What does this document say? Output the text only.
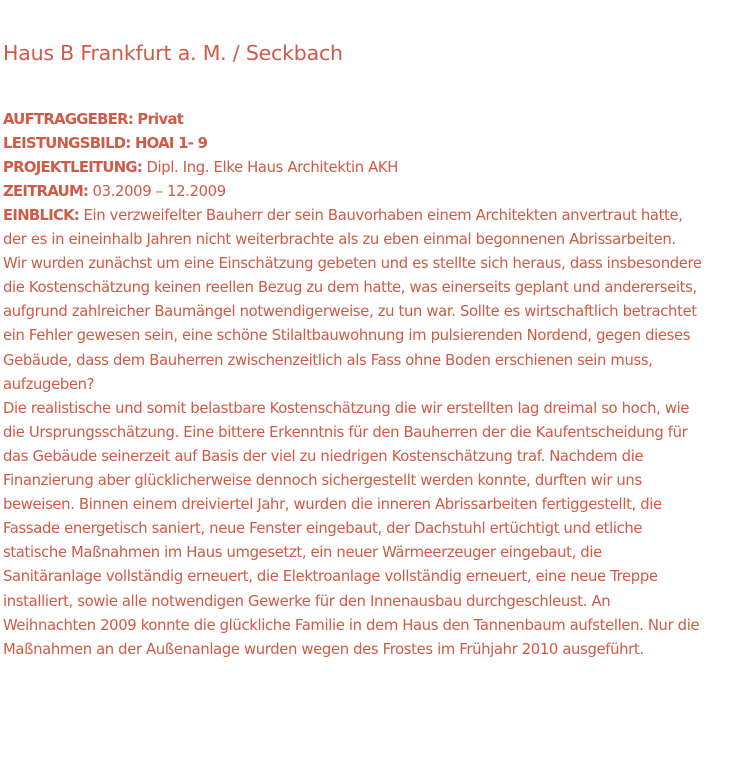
Haus B Frankfurt a. M. / Seckbach
AUFTRAGGEBER: Privat
LEISTUNGSBILD: HOAI 1- 9
PROJEKTLEITUNG: Dipl. Ing. Elke Haus Architektin AKH
ZEITRAUM: 03.2009 – 12.2009

EINBLICK: Ein verzweifelter Bauherr der sein Bauvorhaben einem Architekten anvertraut hatte, der es in eineinhalb Jahren nicht weiterbrachte als zu eben einmal begonnenen Abrissarbeiten. Wir wurden zunächst um eine Einschätzung gebeten und es stellte sich heraus, dass insbesondere die Kostenschätzung keinen reellen Bezug zu dem hatte, was einerseits geplant und andererseits, aufgrund zahlreicher Baumängel notwendigerweise, zu tun war. Sollte es wirtschaftlich betrachtet ein Fehler gewesen sein, eine schöne Stilaltbauwohnung im pulsierenden Nordend, gegen dieses Gebäude, dass dem Bauherren zwischenzeitlich als Fass ohne Boden erschienen sein muss, aufzugeben?

Die realistische und somit belastbare Kostenschätzung die wir erstellten lag dreimal so hoch, wie die Ursprungsschätzung. Eine bittere Erkenntnis für den Bauherren der die Kaufentscheidung für das Gebäude seinerzeit auf Basis der viel zu niedrigen Kostenschätzung traf. Nachdem die Finanzierung aber glücklicherweise dennoch sichergestellt werden konnte, durften wir uns beweisen. Binnen einem dreiviertel Jahr, wurden die inneren Abrissarbeiten fertiggestellt, die Fassade energetisch saniert, neue Fenster eingebaut, der Dachstuhl ertüchtigt und etliche statische Maßnahmen im Haus umgesetzt, ein neuer Wärmeerzeuger eingebaut, die Sanitäranlage vollständig erneuert, die Elektroanlage vollständig erneuert, eine neue Treppe installiert, sowie alle notwendigen Gewerke für den Innenausbau durchgeschleust. An Weihnachten 2009 konnte die glückliche Familie in dem Haus den Tannenbaum aufstellen. Nur die Maßnahmen an der Außenanlage wurden wegen des Frostes im Frühjahr 2010 ausgeführt.
